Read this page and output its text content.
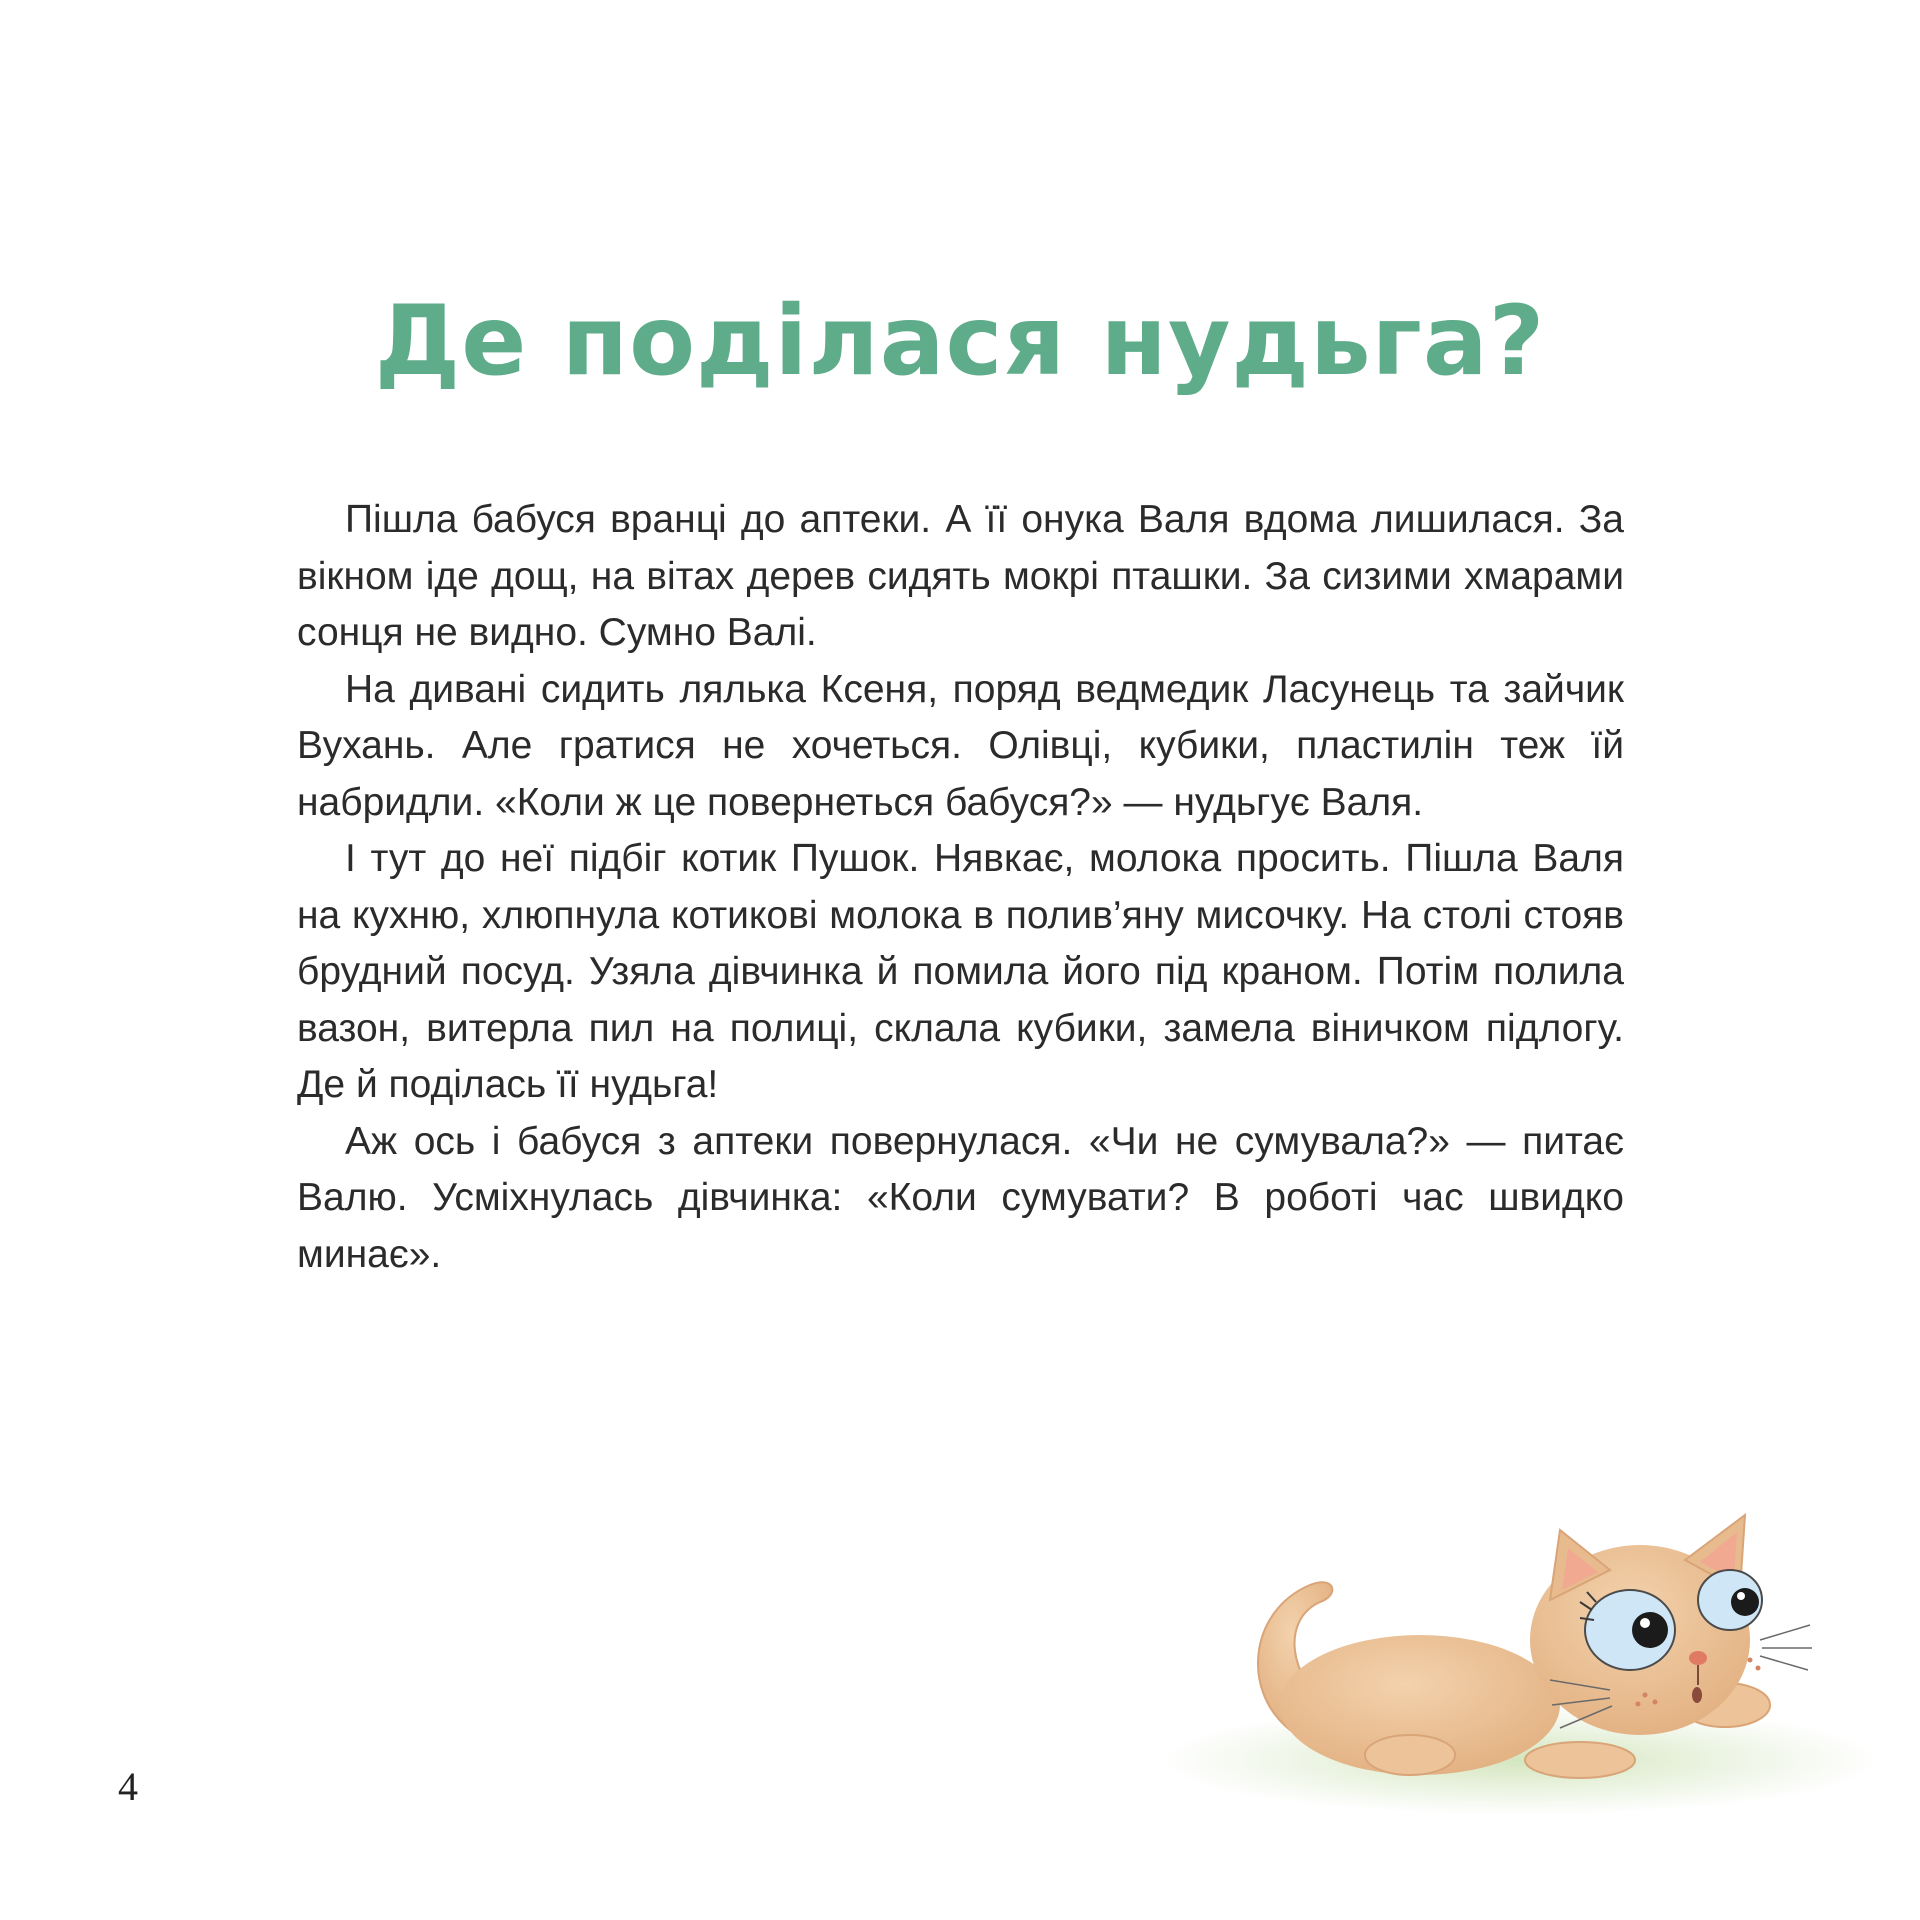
Де поділася нудьга?

Пішла бабуся вранці до аптеки. А її онука Валя вдома лишилася. За вікном іде дощ, на вітах дерев сидять мокрі пташки. За сизими хмарами сонця не видно. Сумно Валі.

На дивані сидить лялька Ксеня, поряд ведмедик Ласунець та зайчик Вухань. Але гратися не хочеться. Олівці, кубики, пластилін теж їй набридли. «Коли ж це повернеться бабуся?» — нудьгує Валя.

І тут до неї підбіг котик Пушок. Нявкає, молока просить. Пішла Валя на кухню, хлюпнула котикові молока в полив’яну мисочку. На столі стояв брудний посуд. Узяла дівчинка й помила його під краном. Потім полила вазон, витерла пил на полиці, склала кубики, замела віничком підлогу. Де й поділась її нудьга!

Аж ось і бабуся з аптеки повернулася. «Чи не сумувала?» — питає Валю. Усміхнулась дівчинка: «Коли сумувати? В роботі час швидко минає».

4
